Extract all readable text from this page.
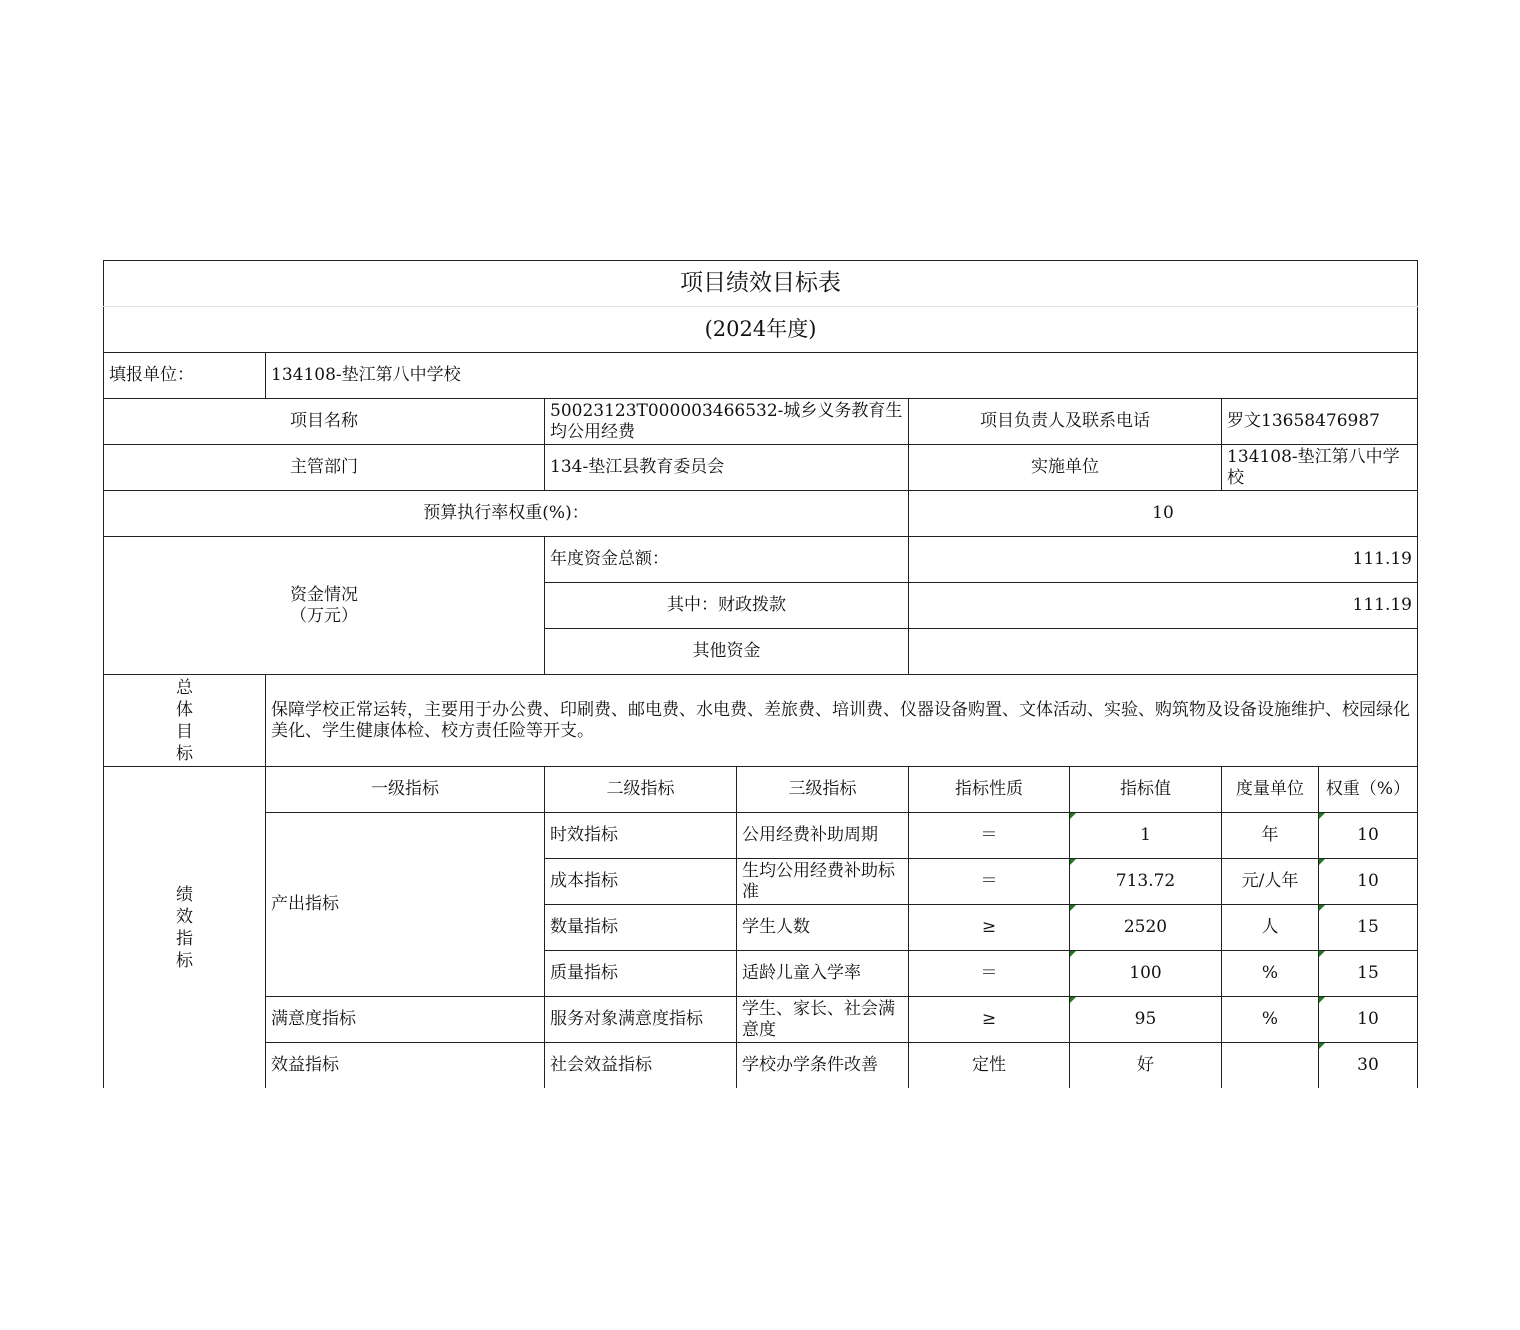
项目绩效目标表							
(2024年度)							
填报单位：	134108-垫江第八中学校						
项目名称		50023123T000003466532-城乡义务教育生均公用经费		项目负责人及联系电话		罗文13658476987	
主管部门		134-垫江县教育委员会		实施单位		134108-垫江第八中学校	
预算执行率权重(%)：				10			

资金情况
（万元）		年度资金总额：		111.19			
		其中：财政拨款		111.19			
		其他资金					

总
体
目
标	保障学校正常运转，主要用于办公费、印刷费、邮电费、水电费、差旅费、培训费、仪器设备购置、文体活动、实验、购筑物及设备设施维护、校园绿化美化、学生健康体检、校方责任险等开支。						

绩
效
指
标	一级指标	二级指标	三级指标	指标性质	指标值	度量单位	权重（%）
	产出指标	时效指标	公用经费补助周期	＝	1	年	10
		成本指标	生均公用经费补助标准	＝	713.72	元/人年	10
		数量指标	学生人数	≥	2520	人	15
		质量指标	适龄儿童入学率	＝	100	%	15
	满意度指标	服务对象满意度指标	学生、家长、社会满意度	≥	95	%	10
	效益指标	社会效益指标	学校办学条件改善	定性	好		30
